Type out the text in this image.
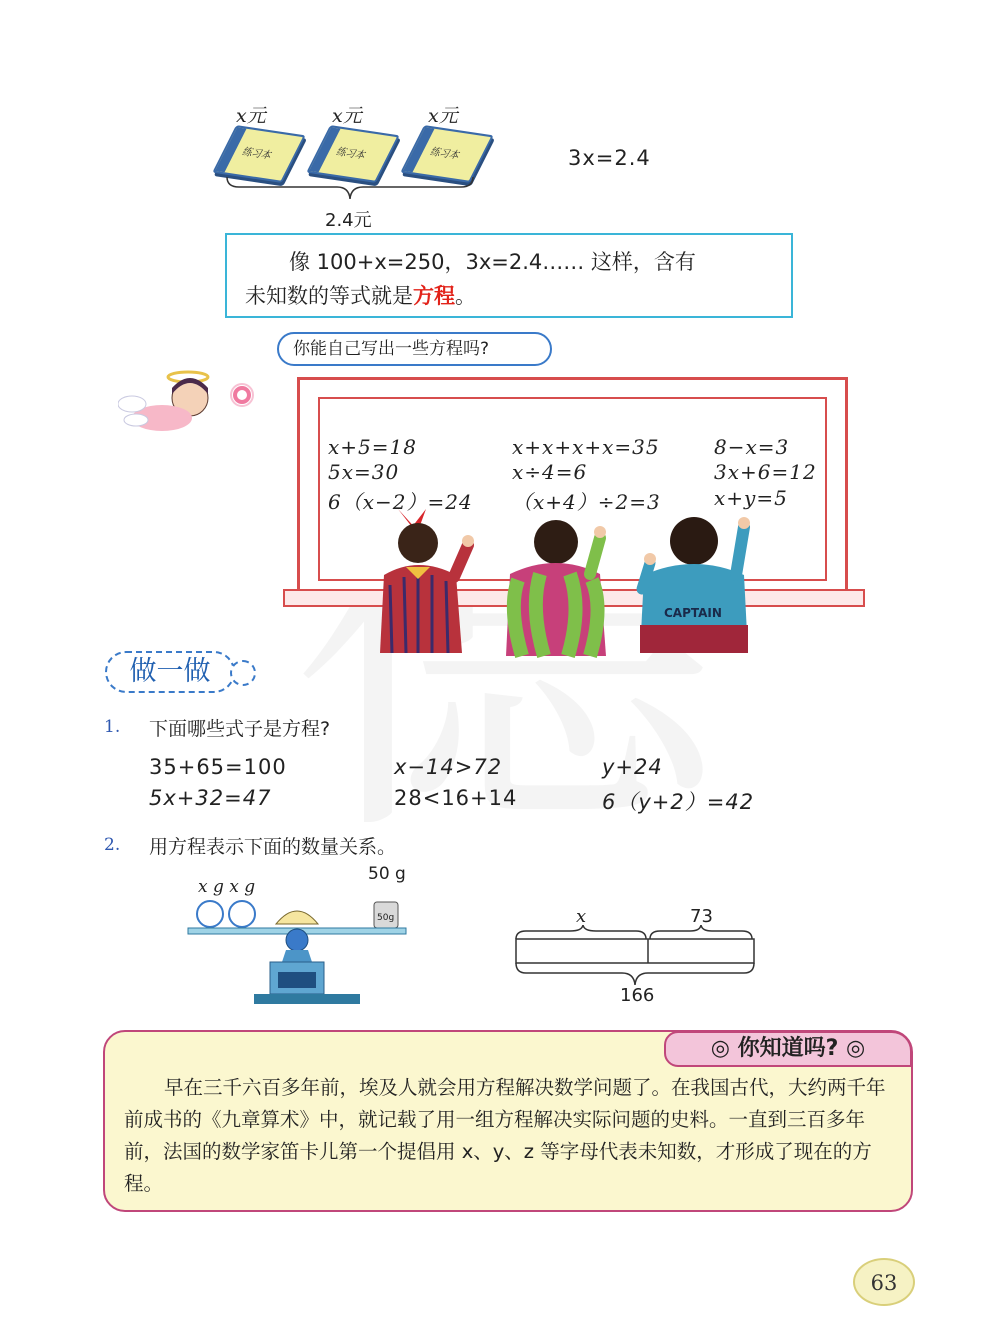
x元	x元	x元
练习本	练习本	练习本
2.4元
3x=2.4
像 100+x=250，3x=2.4…… 这样，含有
未知数的等式就是方程。
你能自己写出一些方程吗?
x+5=18
5x=30
6（x−2）=24
x+x+x+x=35
x÷4=6
（x+4）÷2=3
8−x=3
3x+6=12
x+y=5
CAPTAIN
做一做
1. 下面哪些式子是方程?
35+65=100	x−14>72	y+24
5x+32=47	28<16+14	6（y+2）=42
2. 用方程表示下面的数量关系。
x g x g
50 g
50g	x	73
166
◎ 你知道吗? ◎
早在三千六百多年前，埃及人就会用方程解决数学问题了。在我国古代，大约两千年前成书的《九章算术》中，就记载了用一组方程解决实际问题的史料。一直到三百多年前，法国的数学家笛卡儿第一个提倡用 x、y、z 等字母代表未知数，才形成了现在的方程。
63
